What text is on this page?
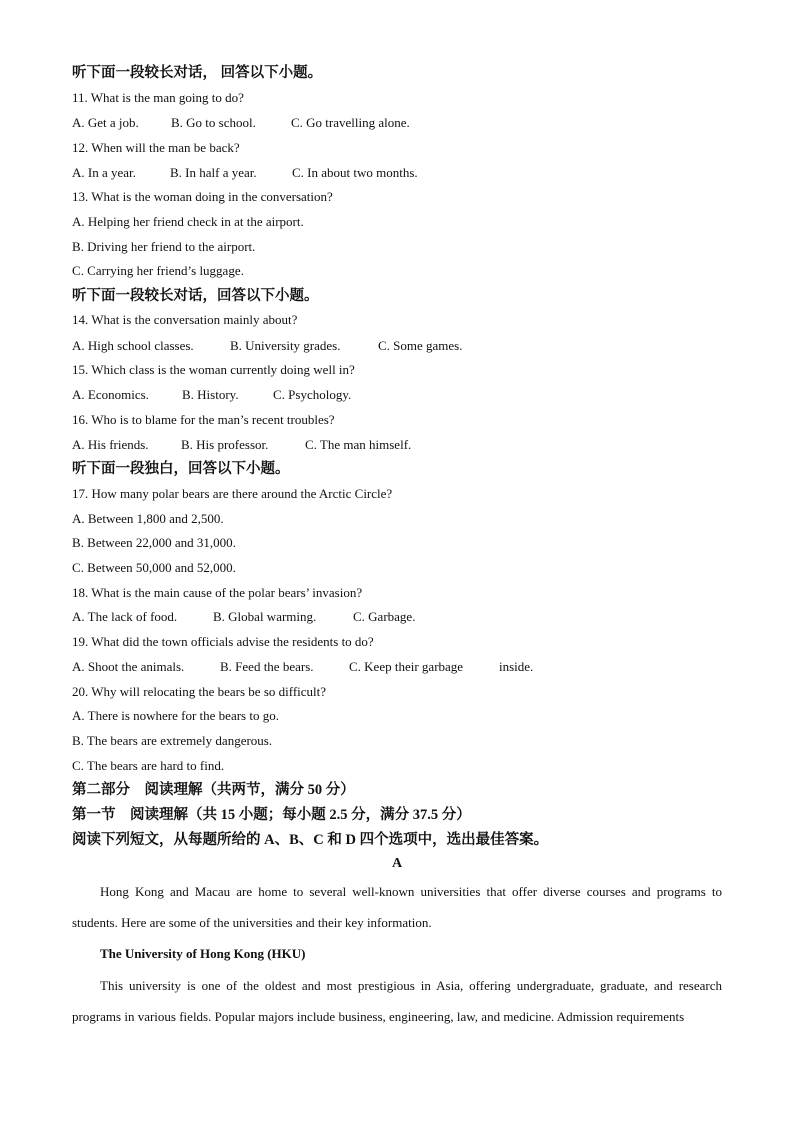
听下面一段较长对话， 回答以下小题。
11. What is the man going to do?
A. Get a job. B. Go to school.	C. Go travelling alone.
12. When will the man be back?
A. In a year.	B. In half a year.	C. In about two months.
13. What is the woman doing in the conversation?
A. Helping her friend check in at the airport.
B. Driving her friend to the airport.
C. Carrying her friend’s luggage.
听下面一段较长对话，回答以下小题。
14. What is the conversation mainly about?
A. High school classes.	B. University grades.	C. Some games.
15. Which class is the woman currently doing well in?
A. Economics.	B. History.	C. Psychology.
16. Who is to blame for the man’s recent troubles?
A. His friends. B. His professor.	C. The man himself.
听下面一段独白，回答以下小题。
17. How many polar bears are there around the Arctic Circle?
A. Between 1,800 and 2,500.
B. Between 22,000 and 31,000.
C. Between 50,000 and 52,000.
18. What is the main cause of the polar bears’ invasion?
A. The lack of food.	B. Global warming.	C. Garbage.
19. What did the town officials advise the residents to do?
A. Shoot the animals.	B. Feed the bears.	C. Keep their garbage	inside.
20. Why will relocating the bears be so difficult?
A. There is nowhere for the bears to go.
B. The bears are extremely dangerous.
C. The bears are hard to find.
第二部分　阅读理解（共两节，满分 50 分）
第一节　阅读理解（共 15 小题；每小题 2.5 分，满分 37.5 分）
阅读下列短文，从每题所给的 A、B、C 和 D 四个选项中，选出最佳答案。
A

Hong Kong and Macau are home to several well-known universities that offer diverse courses and programs to students. Here are some of the universities and their key information.

The University of Hong Kong (HKU)

This university is one of the oldest and most prestigious in Asia, offering undergraduate, graduate, and research programs in various fields. Popular majors include business, engineering, law, and medicine. Admission requirements
